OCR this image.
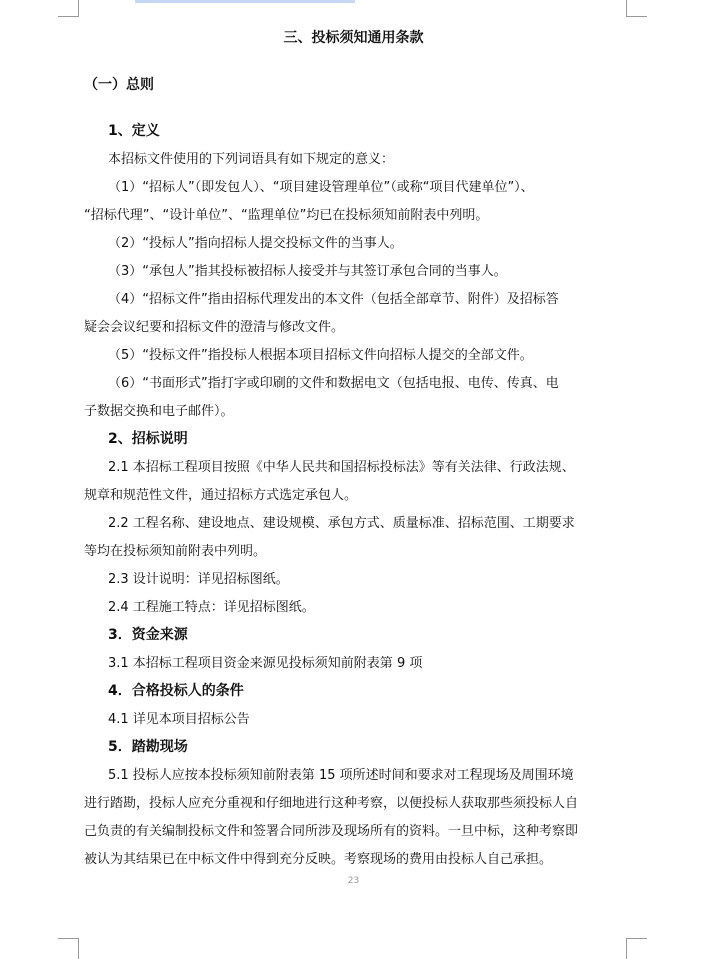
三、投标须知通用条款
（一）总则
1、定义
本招标文件使用的下列词语具有如下规定的意义：
（1）“招标人”（即发包人）、“项目建设管理单位”（或称“项目代建单位”）、
“招标代理”、“设计单位”、“监理单位”均已在投标须知前附表中列明。
（2）“投标人”指向招标人提交投标文件的当事人。
（3）“承包人”指其投标被招标人接受并与其签订承包合同的当事人。
（4）“招标文件”指由招标代理发出的本文件（包括全部章节、附件）及招标答
疑会会议纪要和招标文件的澄清与修改文件。
（5）“投标文件”指投标人根据本项目招标文件向招标人提交的全部文件。
（6）“书面形式”指打字或印刷的文件和数据电文（包括电报、电传、传真、电
子数据交换和电子邮件）。
2、招标说明
2.1 本招标工程项目按照《中华人民共和国招标投标法》等有关法律、行政法规、
规章和规范性文件，通过招标方式选定承包人。
2.2 工程名称、建设地点、建设规模、承包方式、质量标准、招标范围、工期要求
等均在投标须知前附表中列明。
2.3 设计说明：详见招标图纸。
2.4 工程施工特点：详见招标图纸。
3．资金来源
3.1 本招标工程项目资金来源见投标须知前附表第 9 项
4．合格投标人的条件
4.1 详见本项目招标公告
5．踏勘现场
5.1 投标人应按本投标须知前附表第 15 项所述时间和要求对工程现场及周围环境
进行踏勘，投标人应充分重视和仔细地进行这种考察，以便投标人获取那些须投标人自
己负责的有关编制投标文件和签署合同所涉及现场所有的资料。一旦中标，这种考察即
被认为其结果已在中标文件中得到充分反映。考察现场的费用由投标人自己承担。
23
